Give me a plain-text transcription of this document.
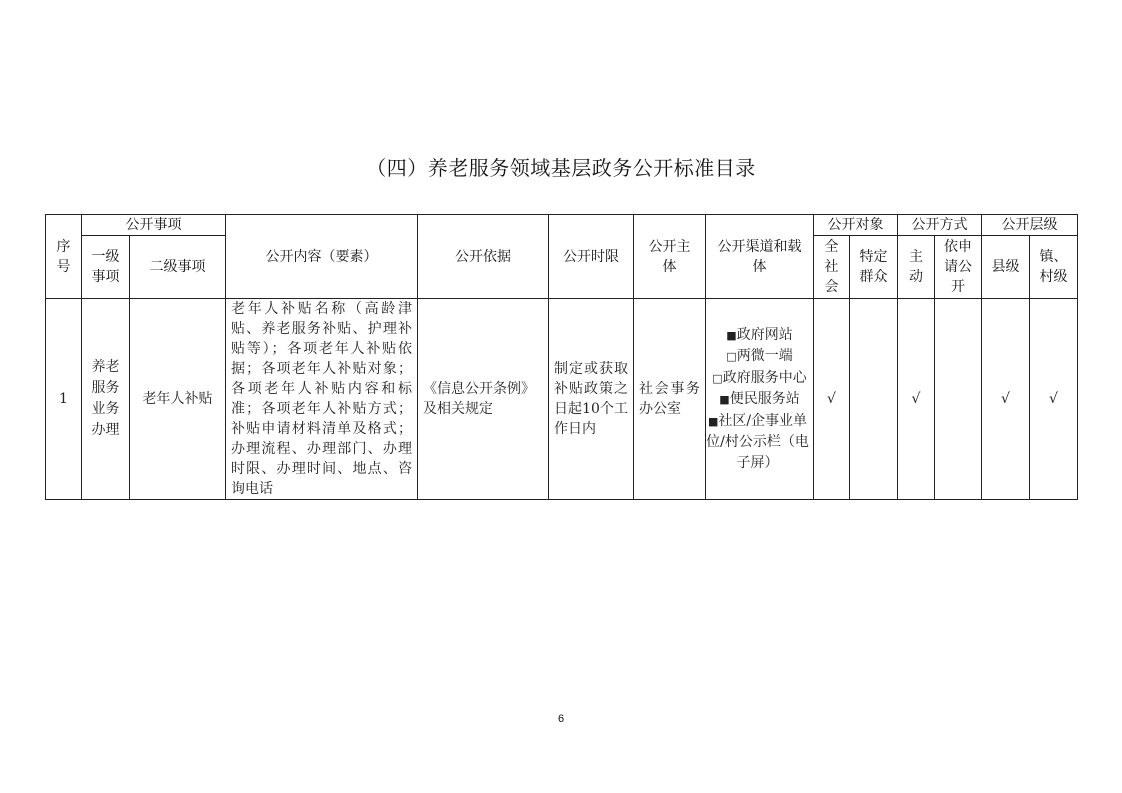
（四）养老服务领域基层政务公开标准目录
序号	公开事项		公开内容（要素）	公开依据	公开时限	公开主体	公开渠道和载体	公开对象		公开方式		公开层级	
	一级事项	二级事项						全社会	特定群众	主动	依申请公开	县级	镇、村级
1	养老服务业务办理	老年人补贴	老年人补贴名称（高龄津贴、养老服务补贴、护理补贴等）；各项老年人补贴依据；各项老年人补贴对象；各项老年人补贴内容和标准；各项老年人补贴方式；补贴申请材料清单及格式；办理流程、办理部门、办理时限、办理时间、地点、咨询电话	《信息公开条例》及相关规定	制定或获取补贴政策之日起10个工作日内	社会事务办公室	■政府网站
□两微一端
□政府服务中心
■便民服务站
■社区/企事业单位/村公示栏（电子屏）	√		√		√	√
6
